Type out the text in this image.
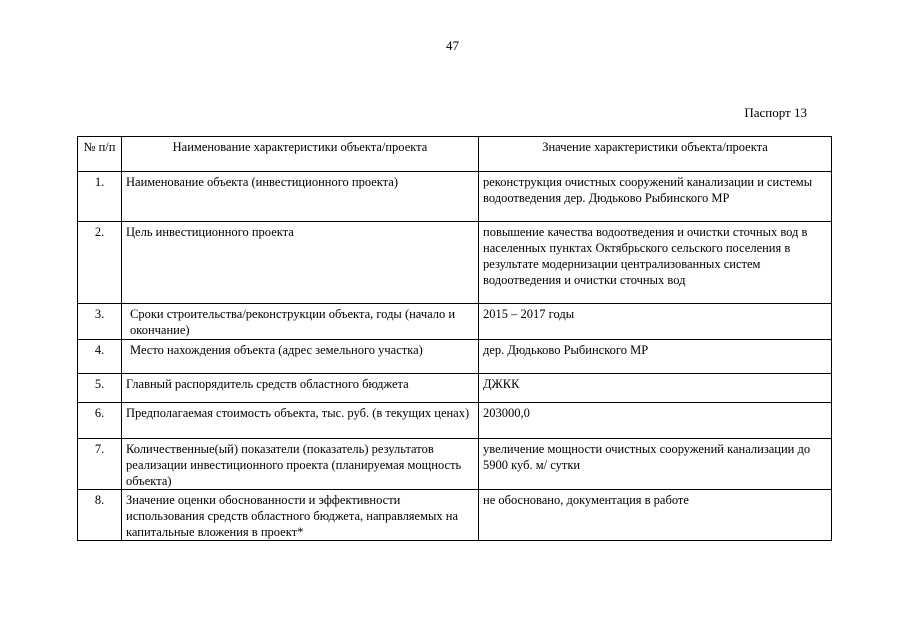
47
Паспорт 13
№ п/п	Наименование характеристики объекта/проекта	Значение характеристики объекта/проекта
1.	Наименование объекта (инвестиционного проекта)	реконструкция очистных сооружений канализации и системы водоотведения дер. Дюдьково Рыбинского МР
2.	Цель инвестиционного проекта	повышение качества водоотведения и очистки сточных вод в населенных пунктах Октябрьского сельского поселения в результате модернизации централизованных систем водоотведения и очистки сточных вод
3.	Сроки строительства/реконструкции объекта, годы (начало и окончание)	2015 – 2017 годы
4.	Место нахождения объекта (адрес земельного участка)	дер. Дюдьково Рыбинского МР
5.	Главный распорядитель средств областного бюджета	ДЖКК
6.	Предполагаемая стоимость объекта, тыс. руб. (в текущих ценах)	203000,0
7.	Количественные(ый) показатели (показатель) результатов реализации инвестиционного проекта (планируемая мощность объекта)	увеличение мощности очистных сооружений канализации до 5900 куб. м/ сутки
8.	Значение оценки обоснованности и эффективности использования средств областного бюджета, направляемых на капитальные вложения в проект*	не обосновано, документация в работе
